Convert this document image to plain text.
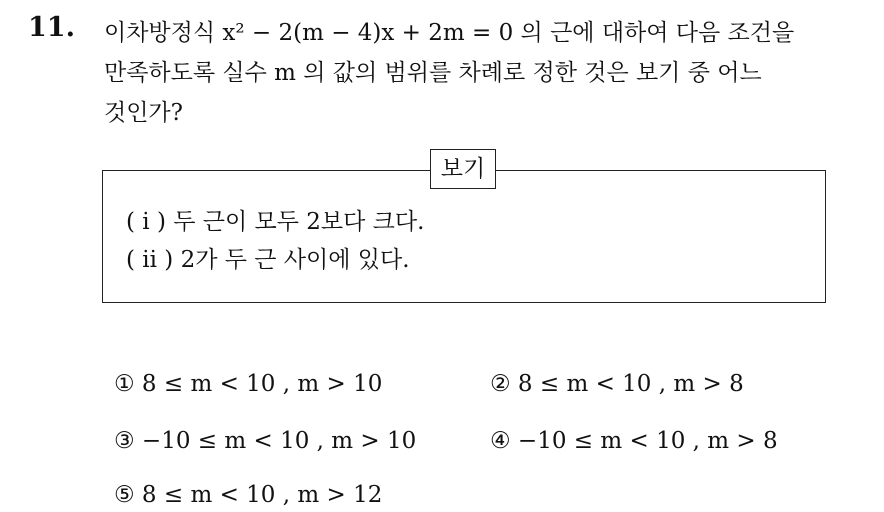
11. 이차방정식 x² − 2(m − 4)x + 2m = 0 의 근에 대하여 다음 조건을
만족하도록 실수 m 의 값의 범위를 차례로 정한 것은 보기 중 어느
것인가?
보기
( i ) 두 근이 모두 2보다 크다.
( ii ) 2가 두 근 사이에 있다.
① 8 ≤ m < 10 , m > 10	② 8 ≤ m < 10 , m > 8
③ −10 ≤ m < 10 , m > 10	④ −10 ≤ m < 10 , m > 8
⑤ 8 ≤ m < 10 , m > 12
